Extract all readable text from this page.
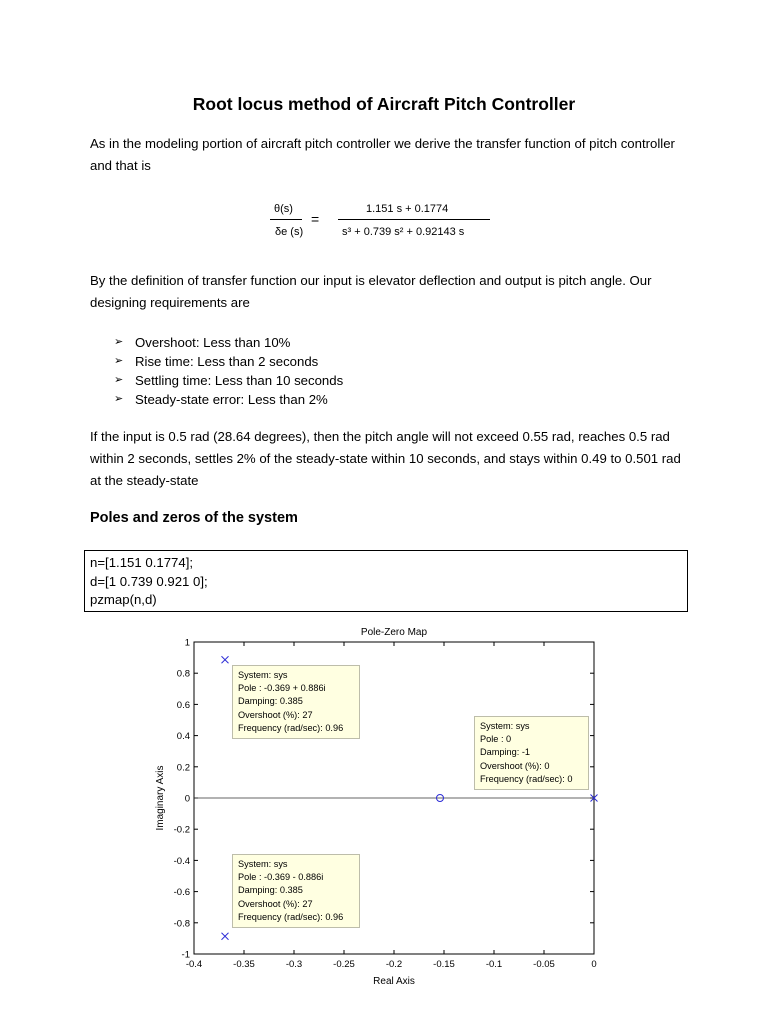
Root locus method of Aircraft Pitch Controller

As in the modeling portion of aircraft pitch controller we derive the transfer function of pitch controller and that is

θ(s)
δe (s)
=
1.151 s + 0.1774
s³ + 0.739 s² + 0.92143 s

By the definition of transfer function our input is elevator deflection and output is pitch angle. Our designing requirements are

➢ Overshoot: Less than 10%
➢ Rise time: Less than 2 seconds
➢ Settling time: Less than 10 seconds
➢ Steady-state error: Less than 2%

If the input is 0.5 rad (28.64 degrees), then the pitch angle will not exceed 0.55 rad, reaches 0.5 rad within 2 seconds, settles 2% of the steady-state within 10 seconds, and stays within 0.49 to 0.501 rad at the steady-state

Poles and zeros of the system
n=[1.151 0.1774];
d=[1 0.739 0.921 0];
pzmap(n,d)
-0.4	-0.35	-0.3	-0.25	-0.2	-0.15	-0.1	-0.05	0
1
0.8
0.6
0.4
0.2
0
-0.2
-0.4
-0.6
-0.8
-1
Pole-Zero Map
Real Axis
Imaginary Axis
System: sys
Pole : -0.369 + 0.886i
Damping: 0.385
Overshoot (%): 27
Frequency (rad/sec): 0.96	System: sys
Pole : 0
Damping: -1
Overshoot (%): 0
Frequency (rad/sec): 0
System: sys
Pole : -0.369 - 0.886i
Damping: 0.385
Overshoot (%): 27
Frequency (rad/sec): 0.96
